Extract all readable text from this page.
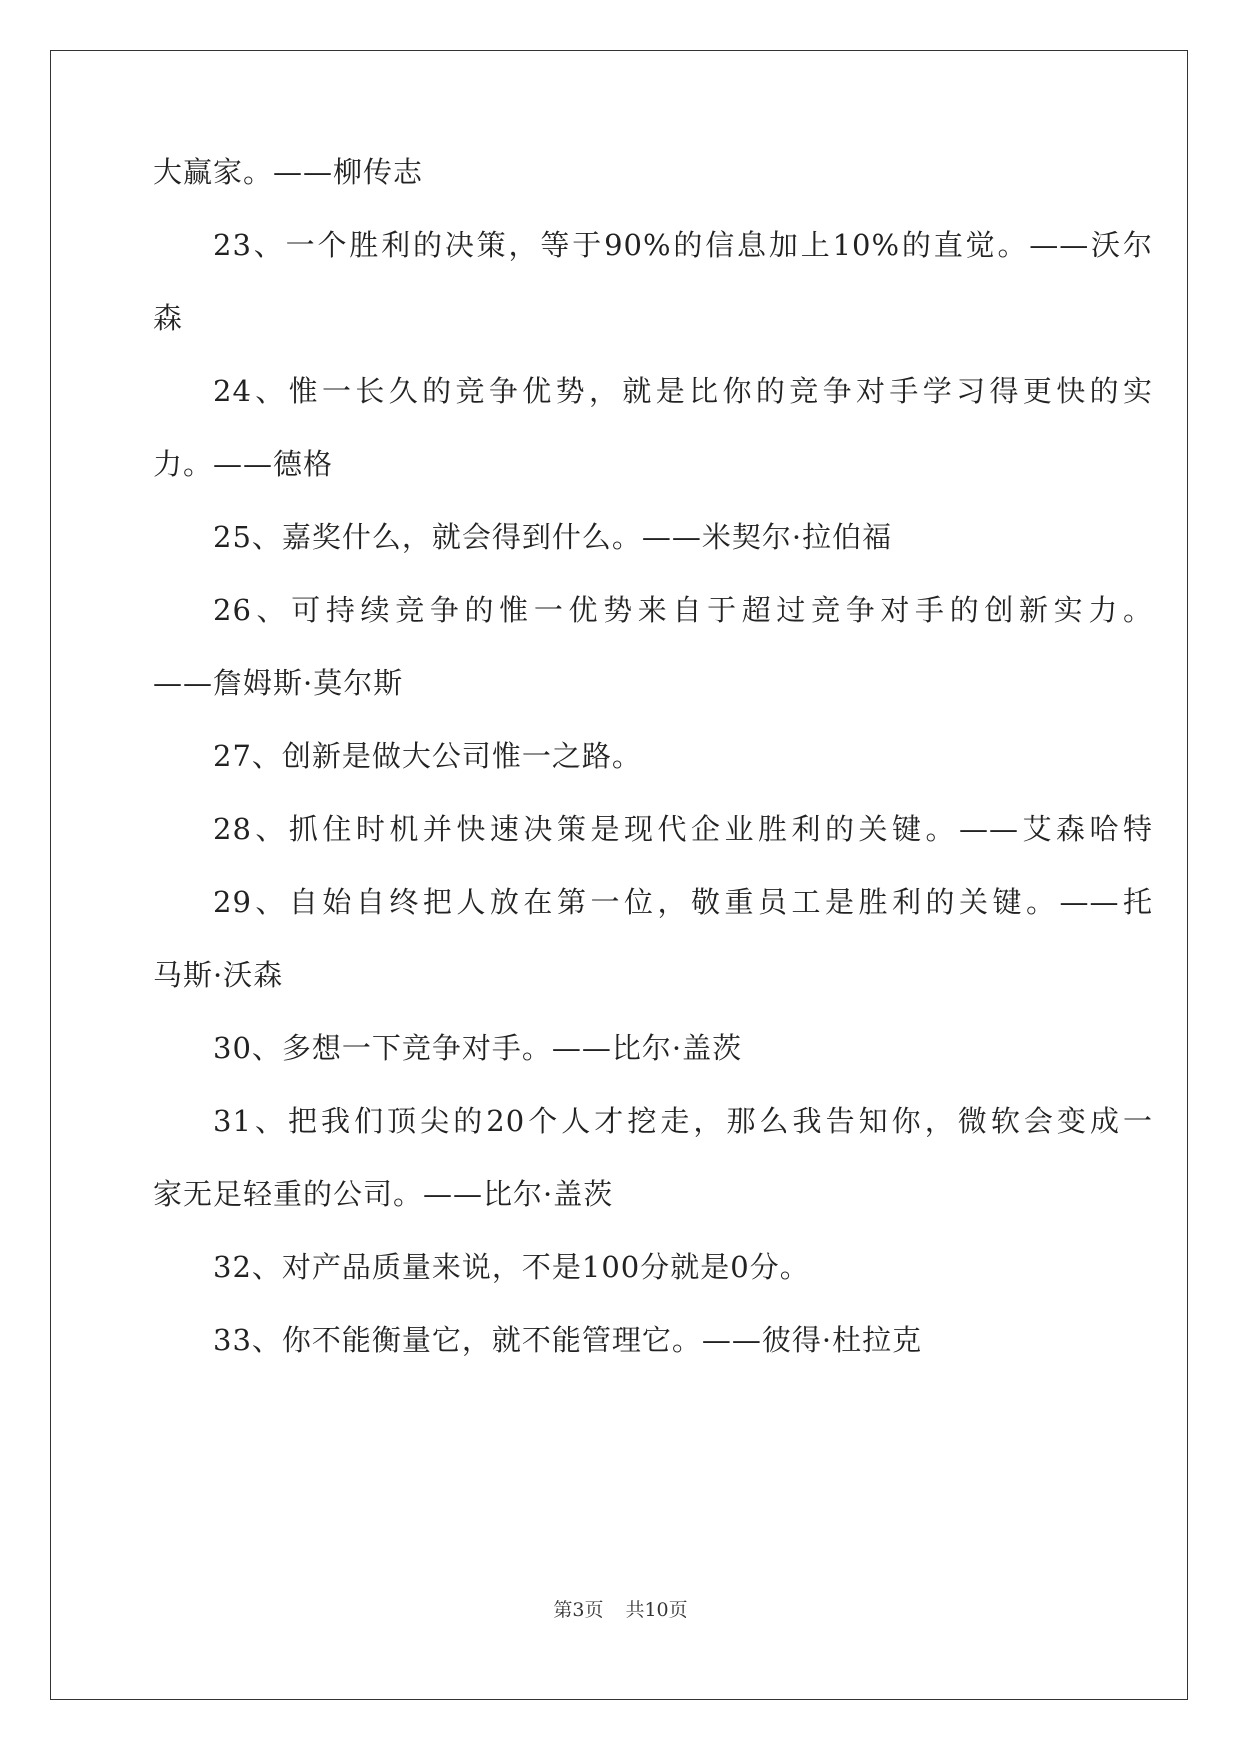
大赢家。——柳传志
23、一个胜利的决策，等于90%的信息加上10%的直觉。——沃尔
森
24、惟一长久的竞争优势，就是比你的竞争对手学习得更快的实
力。——德格
25、嘉奖什么，就会得到什么。——米契尔·拉伯福
26、可持续竞争的惟一优势来自于超过竞争对手的创新实力。
——詹姆斯·莫尔斯
27、创新是做大公司惟一之路。
28、抓住时机并快速决策是现代企业胜利的关键。——艾森哈特
29、自始自终把人放在第一位，敬重员工是胜利的关键。——托
马斯·沃森
30、多想一下竞争对手。——比尔·盖茨
31、把我们顶尖的20个人才挖走，那么我告知你，微软会变成一
家无足轻重的公司。——比尔·盖茨
32、对产品质量来说，不是100分就是0分。
33、你不能衡量它，就不能管理它。——彼得·杜拉克
第3页 共10页
